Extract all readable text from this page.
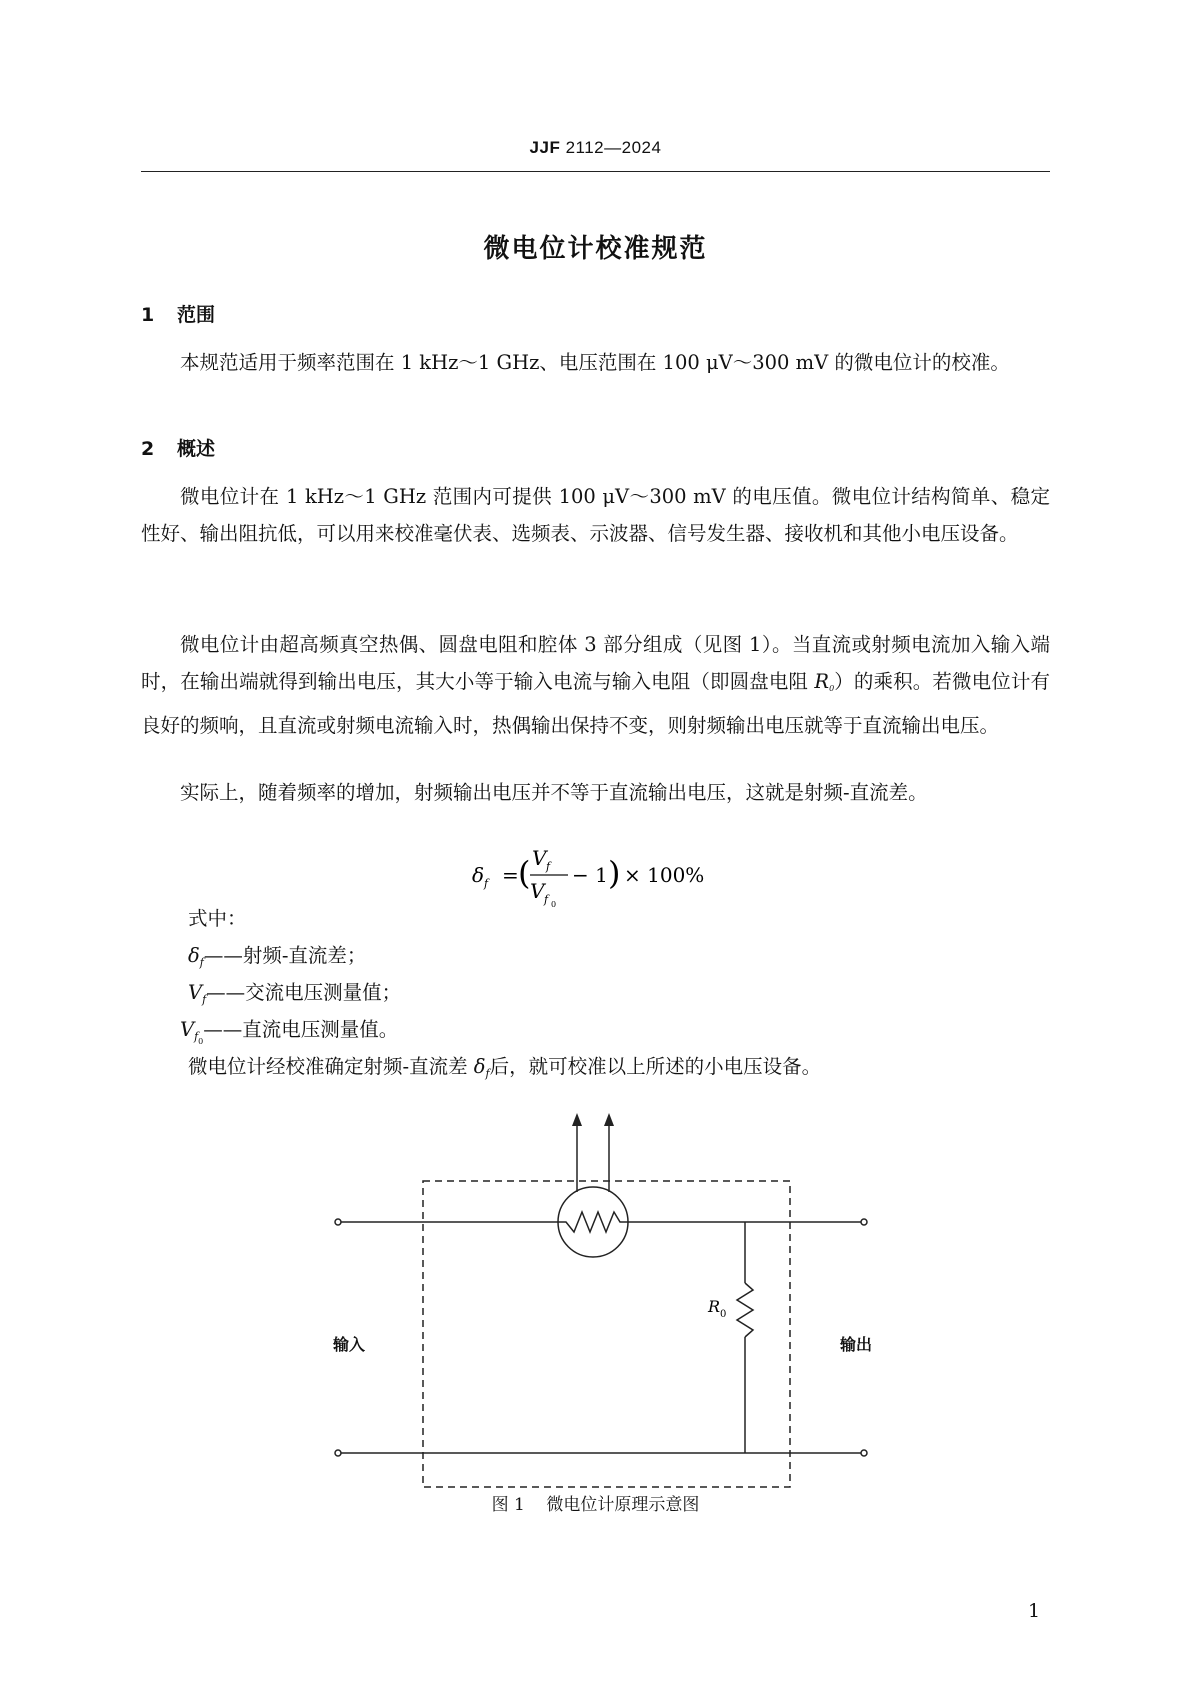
JJF 2112—2024
微电位计校准规范
1 范围
本规范适用于频率范围在 1 kHz～1 GHz、电压范围在 100 μV～300 mV 的微电位计的校准。
2 概述
微电位计在 1 kHz～1 GHz 范围内可提供 100 μV～300 mV 的电压值。微电位计结构简单、稳定性好、输出阻抗低，可以用来校准毫伏表、选频表、示波器、信号发生器、接收机和其他小电压设备。
微电位计由超高频真空热偶、圆盘电阻和腔体 3 部分组成（见图 1）。当直流或射频电流加入输入端时，在输出端就得到输出电压，其大小等于输入电流与输入电阻（即圆盘电阻 R0）的乘积。若微电位计有良好的频响，且直流或射频电流输入时，热偶输出保持不变，则射频输出电压就等于直流输出电压。
实际上，随着频率的增加，射频输出电压并不等于直流输出电压，这就是射频-直流差。
δ f = ( V f
V f 0
− 1 ) × 100%
式中：
$\delta_f——$射频-直流差；
$V_f——$交流电压测量值；
$V_{f0}——$直流电压测量值。
微电位计经校准确定射频-直流差 $\delta_f$后，就可校准以上所述的小电压设备。
R 0
输入	输出
图 1 微电位计原理示意图
1
